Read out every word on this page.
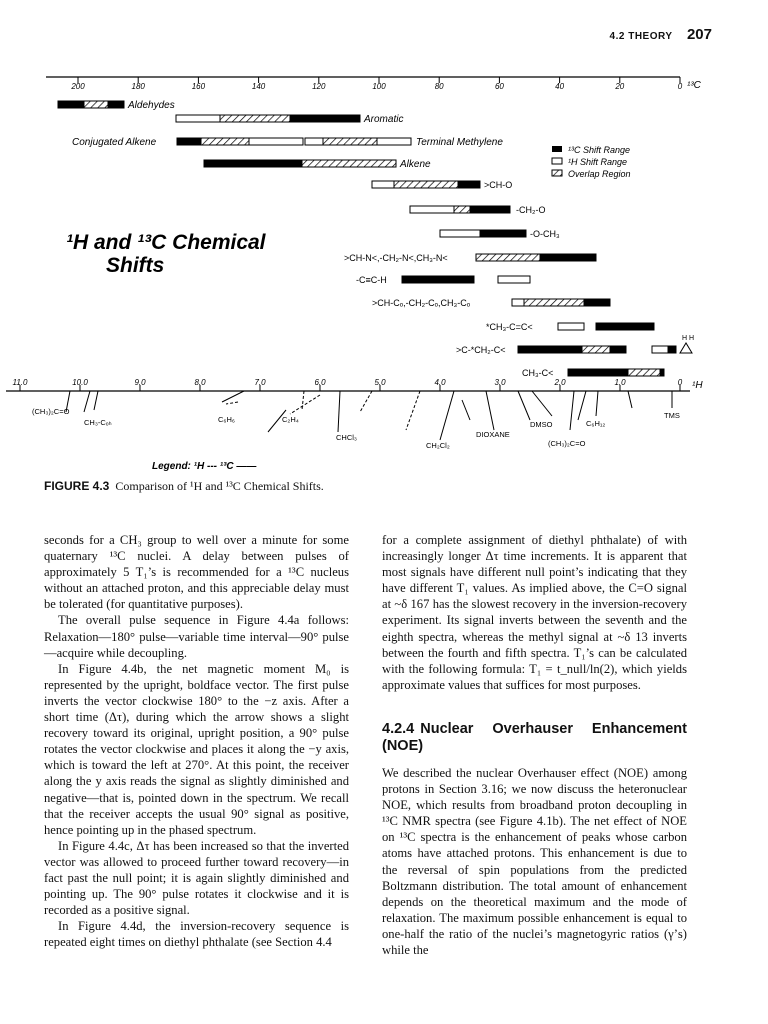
4.2 THEORY 207
200	180	160	140	120	100	80	60	40	20	0 ¹³C
Aldehydes
Aromatic
Conjugated Alkene	Terminal Methylene
Alkene
>CH-O
-CH₂-O
-O-CH₃
>CH-N<,-CH₂-N<,CH₃-N<
-C≡C-H
>CH-Cₒ,-CH₂-Cₒ,CH₃-Cₒ
*CH₃-C=C<
>C-*CH₂-C<
CH₃-C<
H H
¹³C Shift Range
¹H Shift Range
Overlap Region
¹H and ¹³C Chemical
Shifts
11.0	10.0	9.0	8.0	7.0	6.0	5.0	4.0	3.0	2.0	1.0	0 ¹H
(CH₃)₂C=O
CH₃-Cₒₕ	C₆H₆	C₂H₄
CHCl₃
CH₂Cl₂
DIOXANE
DMSO	C₆H₁₂
(CH₃)₂C=O
TMS
Legend: ¹H --- ¹³C ——
FIGURE 4.3 Comparison of ¹H and ¹³C Chemical Shifts.

seconds for a CH₃ group to well over a minute for some quaternary ¹³C nuclei. A delay between pulses of approximately 5 T₁’s is recommended for a ¹³C nucleus without an attached proton, and this appreciable delay must be tolerated (for quantitative purposes).

The overall pulse sequence in Figure 4.4a follows: Relaxation—180° pulse—variable time interval—90° pulse—acquire while decoupling.

In Figure 4.4b, the net magnetic moment M₀ is represented by the upright, boldface vector. The first pulse inverts the vector clockwise 180° to the −z axis. After a short time (Δτ), during which the arrow shows a slight recovery toward its original, upright position, a 90° pulse rotates the vector clockwise and places it along the −y axis, which is toward the left at 270°. At this point, the receiver along the y axis reads the signal as slightly diminished and negative—that is, pointed down in the spectrum. We recall that the receiver accepts the usual 90° signal as positive, hence pointing up in the phased spectrum.

In Figure 4.4c, Δτ has been increased so that the inverted vector was allowed to proceed further toward recovery—in fact past the null point; it is again slightly diminished and pointing up. The 90° pulse rotates it clockwise and it is recorded as a positive signal.

In Figure 4.4d, the inversion-recovery sequence is repeated eight times on diethyl phthalate (see Section 4.4

for a complete assignment of diethyl phthalate) of with increasingly longer Δτ time increments. It is apparent that most signals have different null point’s indicating that they have different T₁ values. As implied above, the C=O signal at ~δ 167 has the slowest recovery in the inversion-recovery experiment. Its signal inverts between the seventh and the eighth spectra, whereas the methyl signal at ~δ 13 inverts between the fourth and fifth spectra. T₁’s can be calculated with the following formula: T₁ = t_null/ln(2), which yields approximate values that suffices for most purposes.

4.2.4 Nuclear Overhauser Enhancement (NOE)

We described the nuclear Overhauser effect (NOE) among protons in Section 3.16; we now discuss the heteronuclear NOE, which results from broadband proton decoupling in ¹³C NMR spectra (see Figure 4.1b). The net effect of NOE on ¹³C spectra is the enhancement of peaks whose carbon atoms have attached protons. This enhancement is due to the reversal of spin populations from the predicted Boltzmann distribution. The total amount of enhancement depends on the theoretical maximum and the mode of relaxation. The maximum possible enhancement is equal to one-half the ratio of the nuclei’s magnetogyric ratios (γ’s) while the
